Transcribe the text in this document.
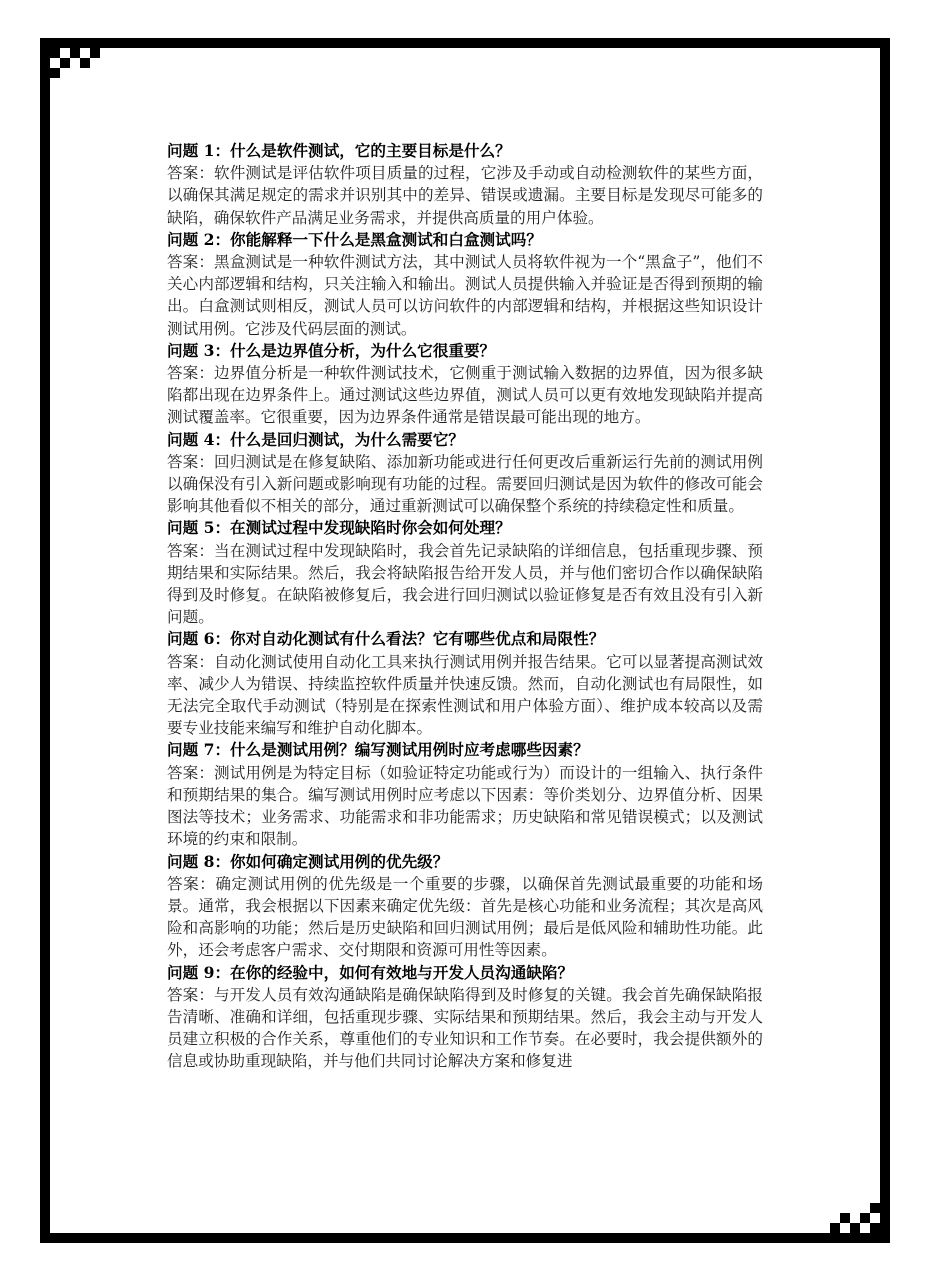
问题 1：什么是软件测试，它的主要目标是什么？

答案：软件测试是评估软件项目质量的过程，它涉及手动或自动检测软件的某些方面，以确保其满足规定的需求并识别其中的差异、错误或遗漏。主要目标是发现尽可能多的缺陷，确保软件产品满足业务需求，并提供高质量的用户体验。

问题 2：你能解释一下什么是黑盒测试和白盒测试吗？

答案：黑盒测试是一种软件测试方法，其中测试人员将软件视为一个“黑盒子”，他们不关心内部逻辑和结构，只关注输入和输出。测试人员提供输入并验证是否得到预期的输出。白盒测试则相反，测试人员可以访问软件的内部逻辑和结构，并根据这些知识设计测试用例。它涉及代码层面的测试。

问题 3：什么是边界值分析，为什么它很重要？

答案：边界值分析是一种软件测试技术，它侧重于测试输入数据的边界值，因为很多缺陷都出现在边界条件上。通过测试这些边界值，测试人员可以更有效地发现缺陷并提高测试覆盖率。它很重要，因为边界条件通常是错误最可能出现的地方。

问题 4：什么是回归测试，为什么需要它？

答案：回归测试是在修复缺陷、添加新功能或进行任何更改后重新运行先前的测试用例以确保没有引入新问题或影响现有功能的过程。需要回归测试是因为软件的修改可能会影响其他看似不相关的部分，通过重新测试可以确保整个系统的持续稳定性和质量。

问题 5：在测试过程中发现缺陷时你会如何处理？

答案：当在测试过程中发现缺陷时，我会首先记录缺陷的详细信息，包括重现步骤、预期结果和实际结果。然后，我会将缺陷报告给开发人员，并与他们密切合作以确保缺陷得到及时修复。在缺陷被修复后，我会进行回归测试以验证修复是否有效且没有引入新问题。

问题 6：你对自动化测试有什么看法？它有哪些优点和局限性？

答案：自动化测试使用自动化工具来执行测试用例并报告结果。它可以显著提高测试效率、减少人为错误、持续监控软件质量并快速反馈。然而，自动化测试也有局限性，如无法完全取代手动测试（特别是在探索性测试和用户体验方面）、维护成本较高以及需要专业技能来编写和维护自动化脚本。

问题 7：什么是测试用例？编写测试用例时应考虑哪些因素？

答案：测试用例是为特定目标（如验证特定功能或行为）而设计的一组输入、执行条件和预期结果的集合。编写测试用例时应考虑以下因素：等价类划分、边界值分析、因果图法等技术；业务需求、功能需求和非功能需求；历史缺陷和常见错误模式；以及测试环境的约束和限制。

问题 8：你如何确定测试用例的优先级？

答案：确定测试用例的优先级是一个重要的步骤，以确保首先测试最重要的功能和场景。通常，我会根据以下因素来确定优先级：首先是核心功能和业务流程；其次是高风险和高影响的功能；然后是历史缺陷和回归测试用例；最后是低风险和辅助性功能。此外，还会考虑客户需求、交付期限和资源可用性等因素。

问题 9：在你的经验中，如何有效地与开发人员沟通缺陷？

答案：与开发人员有效沟通缺陷是确保缺陷得到及时修复的关键。我会首先确保缺陷报告清晰、准确和详细，包括重现步骤、实际结果和预期结果。然后，我会主动与开发人员建立积极的合作关系，尊重他们的专业知识和工作节奏。在必要时，我会提供额外的信息或协助重现缺陷，并与他们共同讨论解决方案和修复进
